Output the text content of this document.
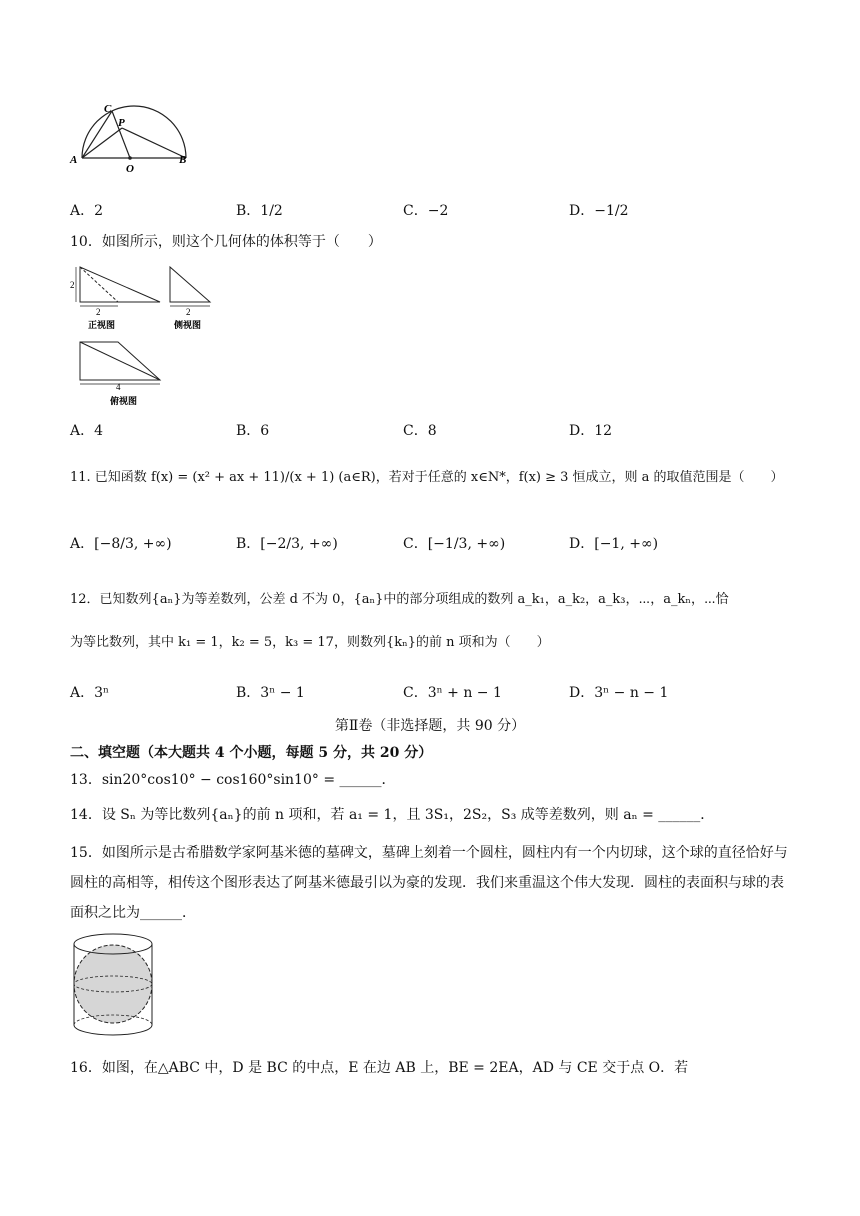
C
P
A
O
B
A．2	B．1/2	C．−2	D．−1/2
10．如图所示，则这个几何体的体积等于（　　）
2
2
正视图
2
侧视图
4
俯视图
A．4	B．6	C．8	D．12
11. 已知函数 f(x) = (x² + ax + 11)/(x + 1) (a∈R)，若对于任意的 x∈N*，f(x) ≥ 3 恒成立，则 a 的取值范围是（　　）
A．[−8/3, +∞)	B．[−2/3, +∞)	C．[−1/3, +∞)	D．[−1, +∞)
12．已知数列{aₙ}为等差数列，公差 d 不为 0，{aₙ}中的部分项组成的数列 a_k₁，a_k₂，a_k₃，⋯，a_kₙ，⋯恰
为等比数列，其中 k₁ = 1，k₂ = 5，k₃ = 17，则数列{kₙ}的前 n 项和为（　　）
A．3ⁿ	B．3ⁿ − 1	C．3ⁿ + n − 1	D．3ⁿ − n − 1
第Ⅱ卷（非选择题，共 90 分）
二、填空题（本大题共 4 个小题，每题 5 分，共 20 分）
13．sin20°cos10° − cos160°sin10° = ______．
14．设 Sₙ 为等比数列{aₙ}的前 n 项和，若 a₁ = 1，且 3S₁，2S₂，S₃ 成等差数列，则 aₙ = ______．
15．如图所示是古希腊数学家阿基米德的墓碑文，墓碑上刻着一个圆柱，圆柱内有一个内切球，这个球的直径恰好与圆柱的高相等，相传这个图形表达了阿基米德最引以为豪的发现．我们来重温这个伟大发现．圆柱的表面积与球的表面积之比为______．
16．如图，在△ABC 中，D 是 BC 的中点，E 在边 AB 上，BE = 2EA，AD 与 CE 交于点 O．若
